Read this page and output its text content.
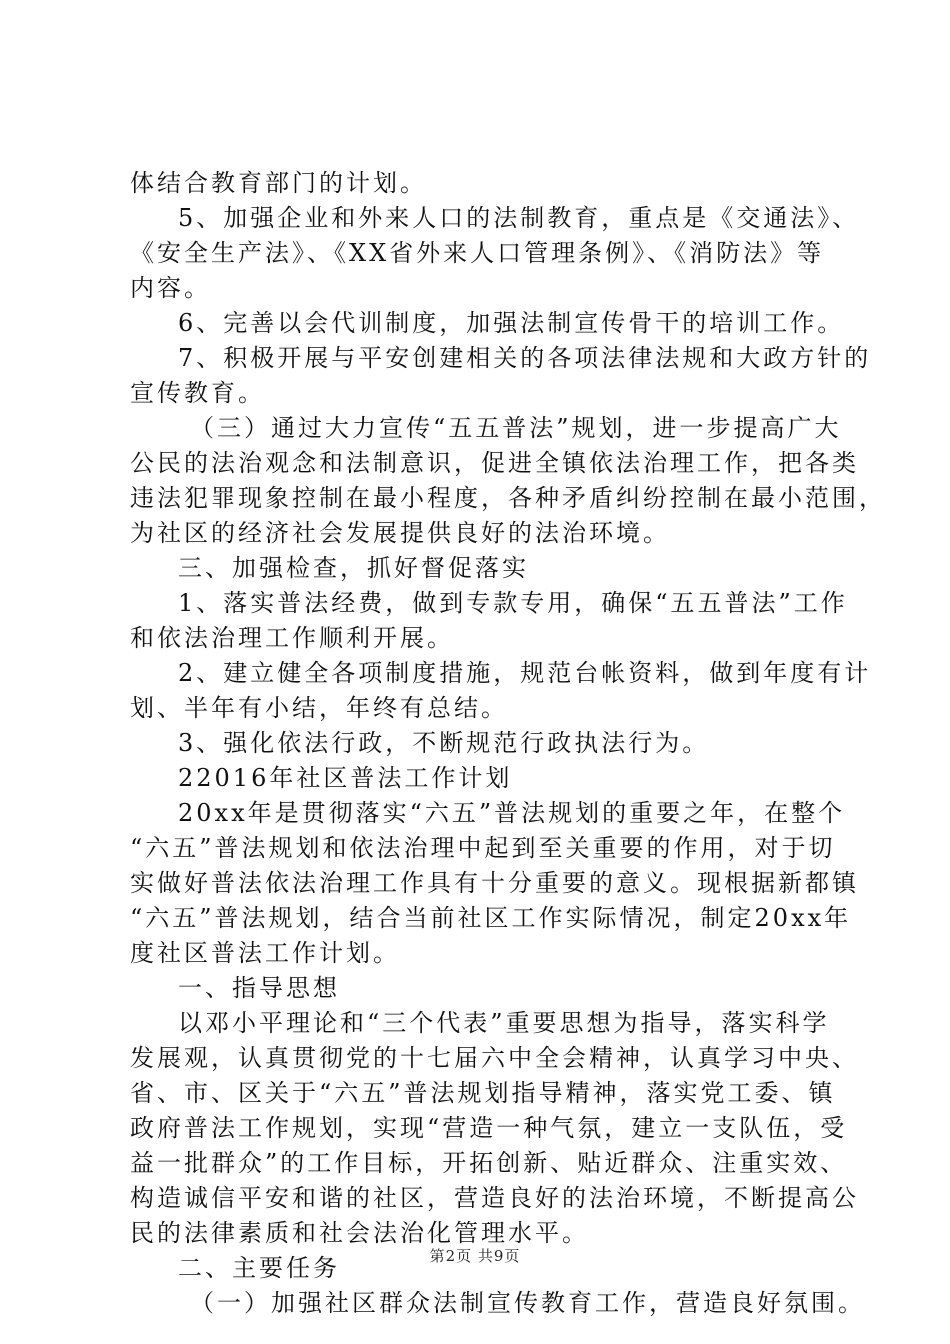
体结合教育部门的计划。
5、加强企业和外来人口的法制教育，重点是《交通法》、
《安全生产法》、《XX省外来人口管理条例》、《消防法》等
内容。
6、完善以会代训制度，加强法制宣传骨干的培训工作。
7、积极开展与平安创建相关的各项法律法规和大政方针的
宣传教育。
（三）通过大力宣传“五五普法”规划，进一步提高广大
公民的法治观念和法制意识，促进全镇依法治理工作，把各类
违法犯罪现象控制在最小程度，各种矛盾纠纷控制在最小范围，
为社区的经济社会发展提供良好的法治环境。
三、加强检查，抓好督促落实
1、落实普法经费，做到专款专用，确保“五五普法”工作
和依法治理工作顺利开展。
2、建立健全各项制度措施，规范台帐资料，做到年度有计
划、半年有小结，年终有总结。
3、强化依法行政，不断规范行政执法行为。
22016年社区普法工作计划
20xx年是贯彻落实“六五”普法规划的重要之年，在整个
“六五”普法规划和依法治理中起到至关重要的作用，对于切
实做好普法依法治理工作具有十分重要的意义。现根据新都镇
“六五”普法规划，结合当前社区工作实际情况，制定20xx年
度社区普法工作计划。
一、指导思想
以邓小平理论和“三个代表”重要思想为指导，落实科学
发展观，认真贯彻党的十七届六中全会精神，认真学习中央、
省、市、区关于“六五”普法规划指导精神，落实党工委、镇
政府普法工作规划，实现“营造一种气氛，建立一支队伍，受
益一批群众”的工作目标，开拓创新、贴近群众、注重实效、
构造诚信平安和谐的社区，营造良好的法治环境，不断提高公
民的法律素质和社会法治化管理水平。
二、主要任务
（一）加强社区群众法制宣传教育工作，营造良好氛围。
第2页 共9页
